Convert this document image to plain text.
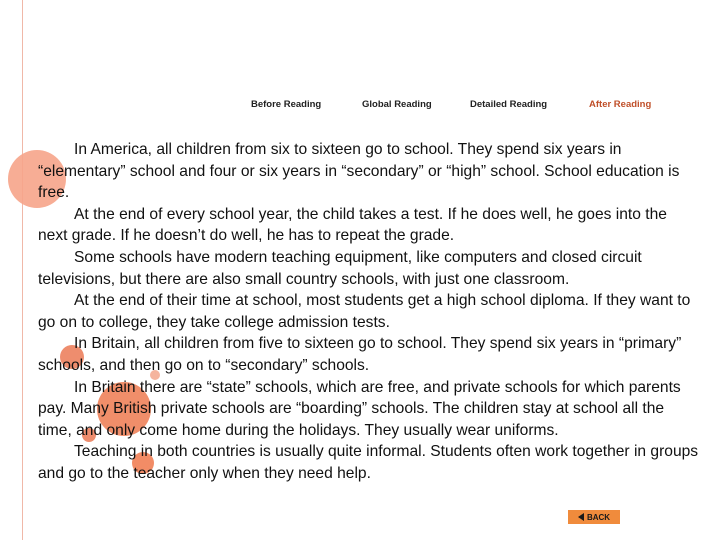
Before Reading	Global Reading	Detailed Reading	After Reading

In America, all children from six to sixteen go to school. They spend six years in “elementary” school and four or six years in “secondary” or “high” school. School education is free.

At the end of every school year, the child takes a test. If he does well, he goes into the next grade. If he doesn’t do well, he has to repeat the grade.

Some schools have modern teaching equipment, like computers and closed circuit televisions, but there are also small country schools, with just one classroom.

At the end of their time at school, most students get a high school diploma. If they want to go on to college, they take college admission tests.

In Britain, all children from five to sixteen go to school. They spend six years in “primary” schools, and then go on to “secondary” schools.

In Britain there are “state” schools, which are free, and private schools for which parents pay. Many British private schools are “boarding” schools. The children stay at school all the time, and only come home during the holidays. They usually wear uniforms.

Teaching in both countries is usually quite informal. Students often work together in groups and go to the teacher only when they need help.

BACK
